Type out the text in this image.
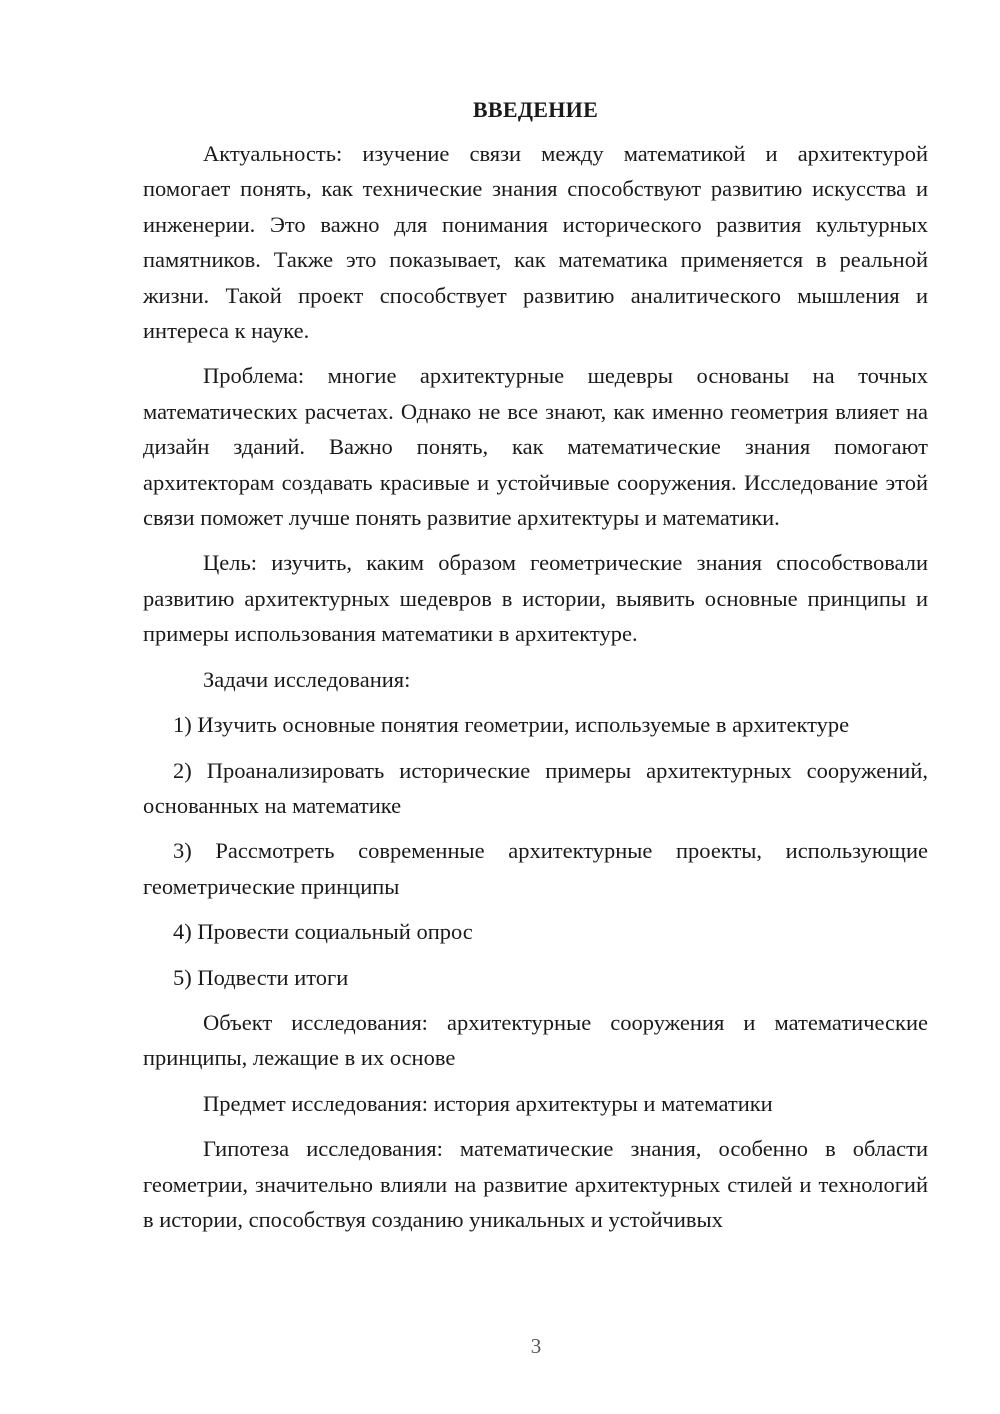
ВВЕДЕНИЕ

Актуальность: изучение связи между математикой и архитектурой помогает понять, как технические знания способствуют развитию искусства и инженерии. Это важно для понимания исторического развития культурных памятников. Также это показывает, как математика применяется в реальной жизни. Такой проект способствует развитию аналитического мышления и интереса к науке.

Проблема: многие архитектурные шедевры основаны на точных математических расчетах. Однако не все знают, как именно геометрия влияет на дизайн зданий. Важно понять, как математические знания помогают архитекторам создавать красивые и устойчивые сооружения. Исследование этой связи поможет лучше понять развитие архитектуры и математики.

Цель: изучить, каким образом геометрические знания способствовали развитию архитектурных шедевров в истории, выявить основные принципы и примеры использования математики в архитектуре.

Задачи исследования:

1) Изучить основные понятия геометрии, используемые в архитектуре

2) Проанализировать исторические примеры архитектурных сооружений, основанных на математике

3) Рассмотреть современные архитектурные проекты, использующие геометрические принципы

4) Провести социальный опрос

5) Подвести итоги

Объект исследования: архитектурные сооружения и математические принципы, лежащие в их основе

Предмет исследования: история архитектуры и математики

Гипотеза исследования: математические знания, особенно в области геометрии, значительно влияли на развитие архитектурных стилей и технологий в истории, способствуя созданию уникальных и устойчивых

3
